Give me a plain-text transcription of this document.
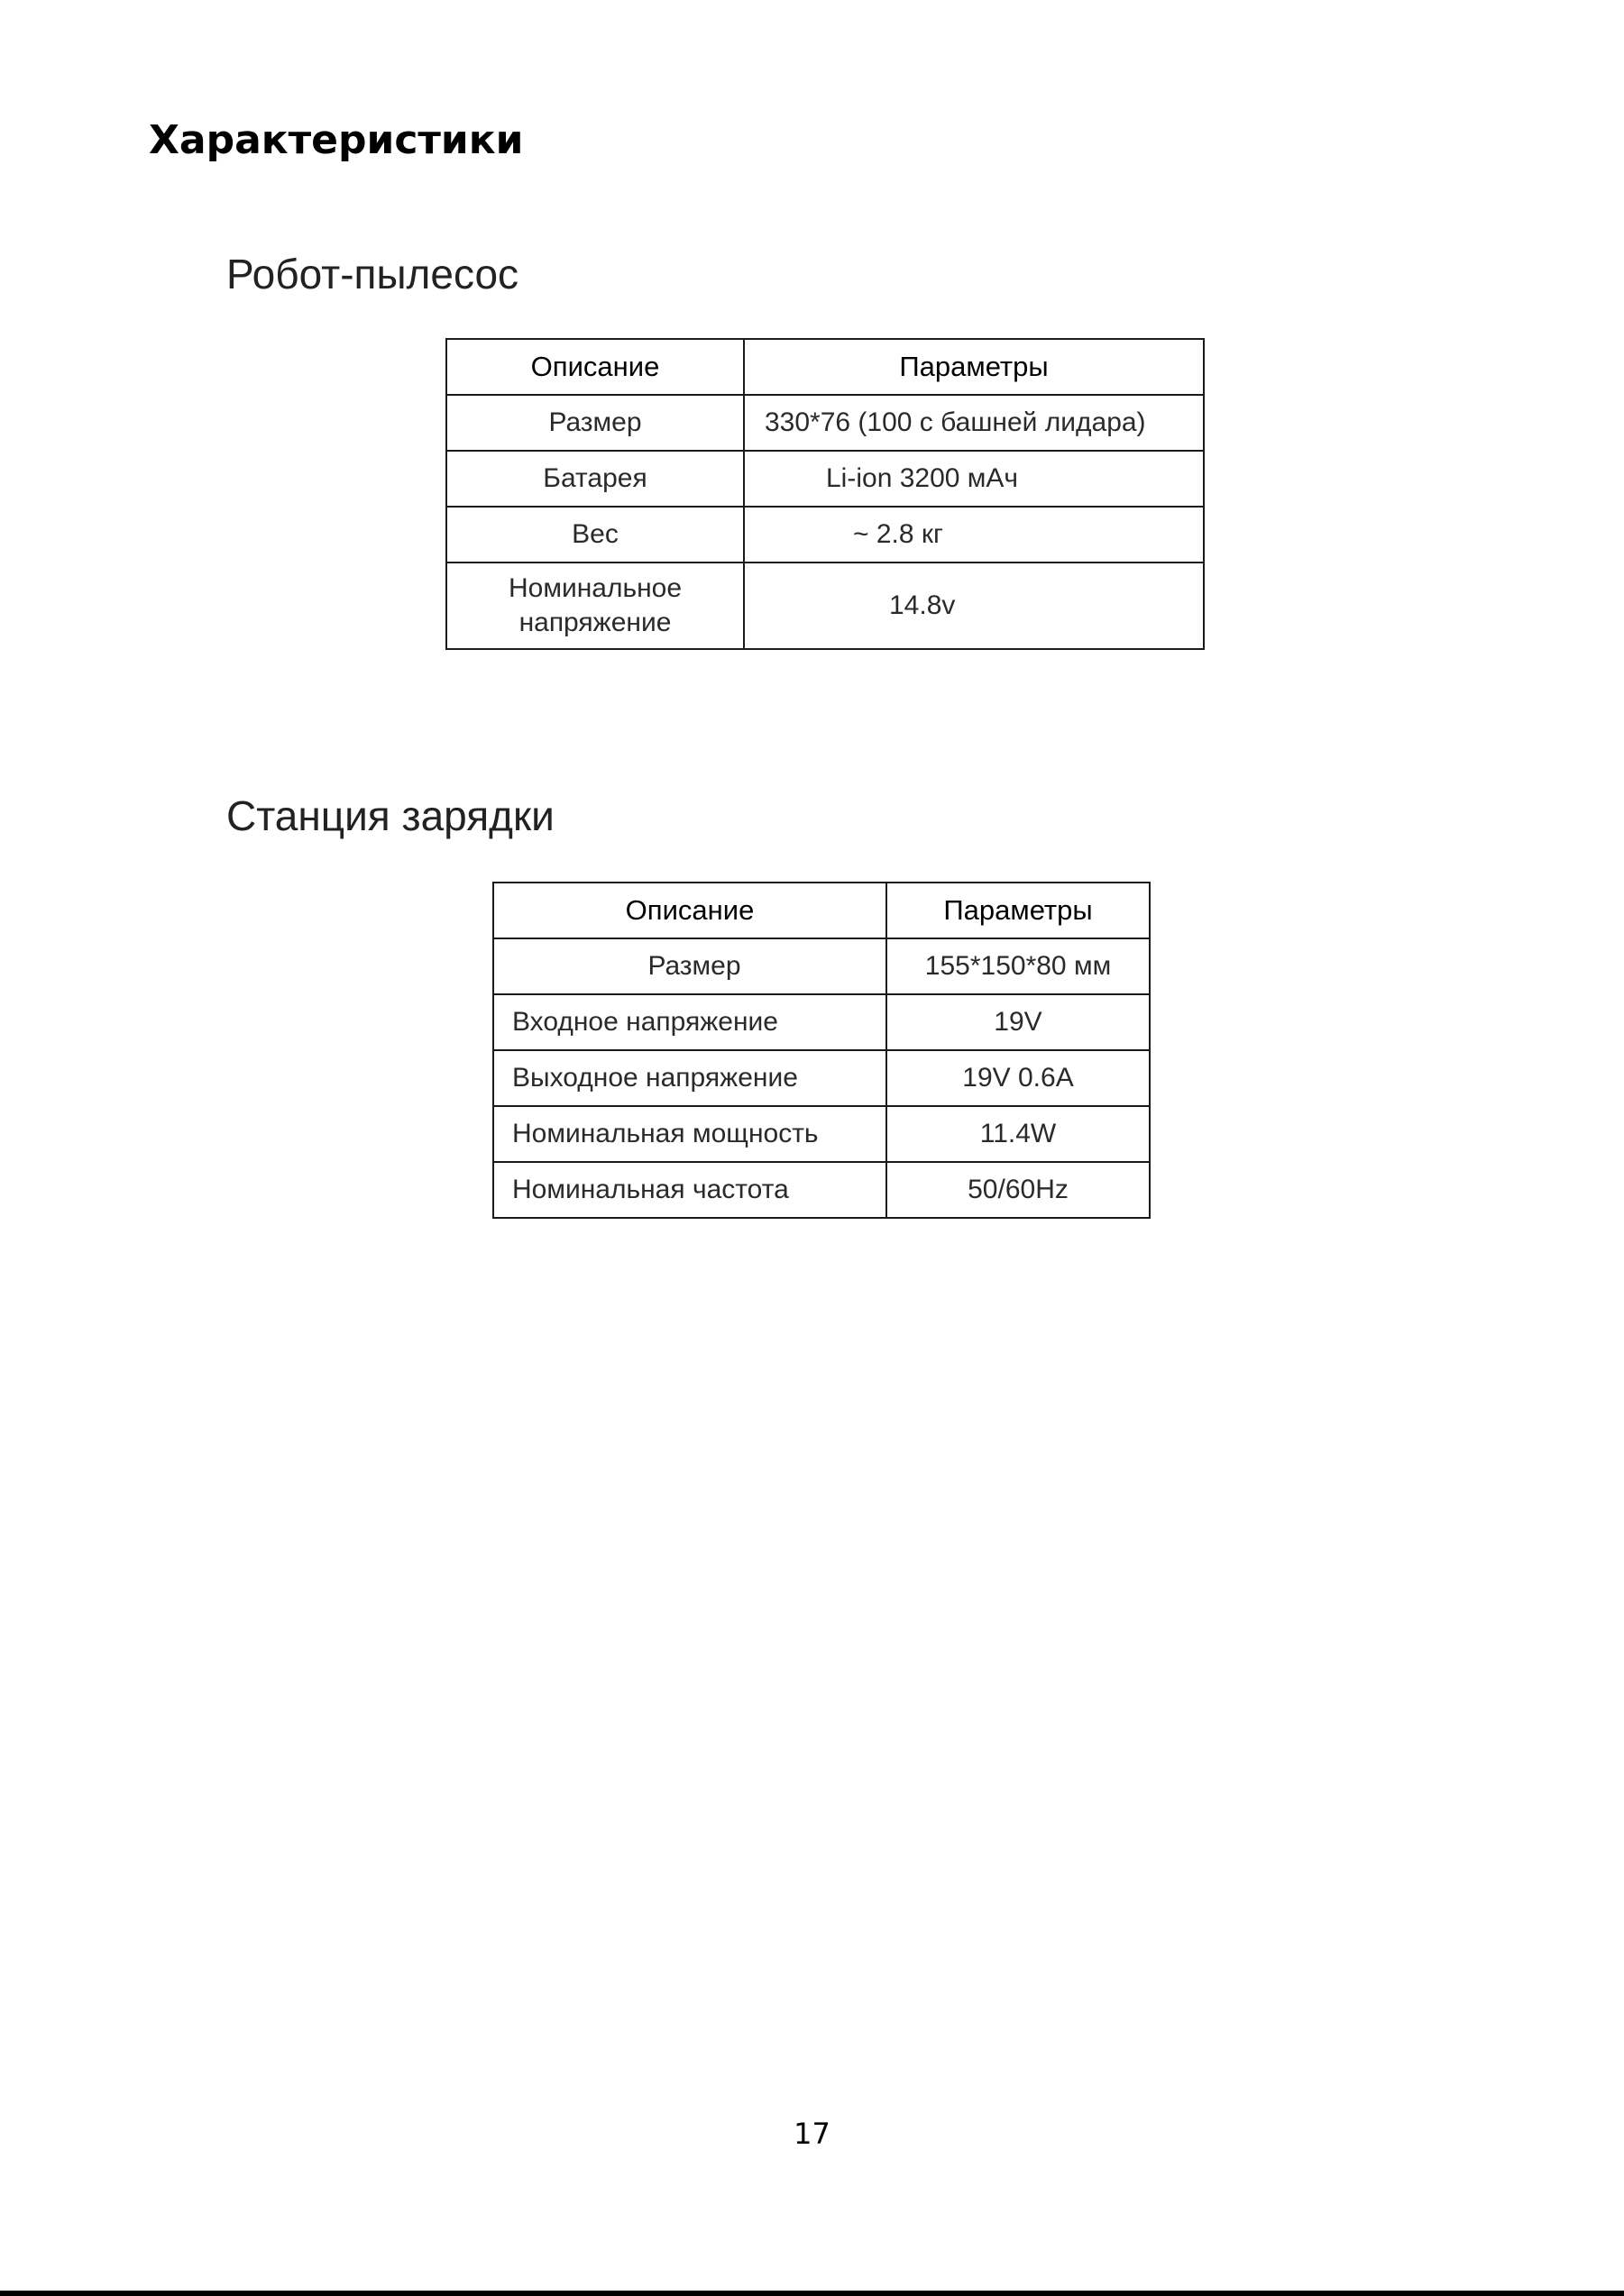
Характеристики
Робот-пылесос
Описание	Параметры
Размер	330*76 (100 с башней лидара)
Батарея	Li-ion 3200 мАч
Вес	~ 2.8 кг
Номинальное напряжение	14.8v
Станция зарядки
Описание	Параметры
Размер	155*150*80 мм
Входное напряжение	19V
Выходное напряжение	19V 0.6A
Номинальная мощность	11.4W
Номинальная частота	50/60Hz
17
